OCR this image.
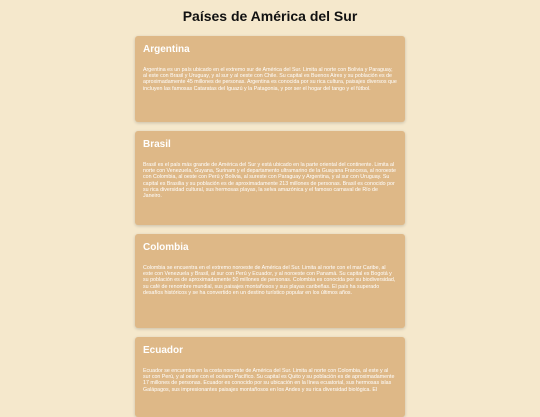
Países de América del Sur
Argentina

Argentina es un país ubicado en el extremo sur de América del Sur. Limita al norte con Bolivia y Paraguay, al este con Brasil y Uruguay, y al sur y al oeste con Chile. Su capital es Buenos Aires y su población es de aproximadamente 45 millones de personas. Argentina es conocida por su rica cultura, paisajes diversos que incluyen las famosas Cataratas del Iguazú y la Patagonia, y por ser el hogar del tango y el fútbol.

Brasil

Brasil es el país más grande de América del Sur y está ubicado en la parte oriental del continente. Limita al norte con Venezuela, Guyana, Surinam y el departamento ultramarino de la Guayana Francesa, al noroeste con Colombia, al oeste con Perú y Bolivia, al sureste con Paraguay y Argentina, y al sur con Uruguay. Su capital es Brasilia y su población es de aproximadamente 213 millones de personas. Brasil es conocido por su rica diversidad cultural, sus hermosas playas, la selva amazónica y el famoso carnaval de Río de Janeiro.

Colombia

Colombia se encuentra en el extremo noroeste de América del Sur. Limita al norte con el mar Caribe, al este con Venezuela y Brasil, al sur con Perú y Ecuador, y al noroeste con Panamá. Su capital es Bogotá y su población es de aproximadamente 50 millones de personas. Colombia es conocida por su biodiversidad, su café de renombre mundial, sus paisajes montañosos y sus playas caribeñas. El país ha superado desafíos históricos y se ha convertido en un destino turístico popular en los últimos años.

Ecuador

Ecuador se encuentra en la costa noroeste de América del Sur. Limita al norte con Colombia, al este y al sur con Perú, y al oeste con el océano Pacífico. Su capital es Quito y su población es de aproximadamente 17 millones de personas. Ecuador es conocido por su ubicación en la línea ecuatorial, sus hermosas islas Galápagos, sus impresionantes paisajes montañosos en los Andes y su rica diversidad biológica. El
